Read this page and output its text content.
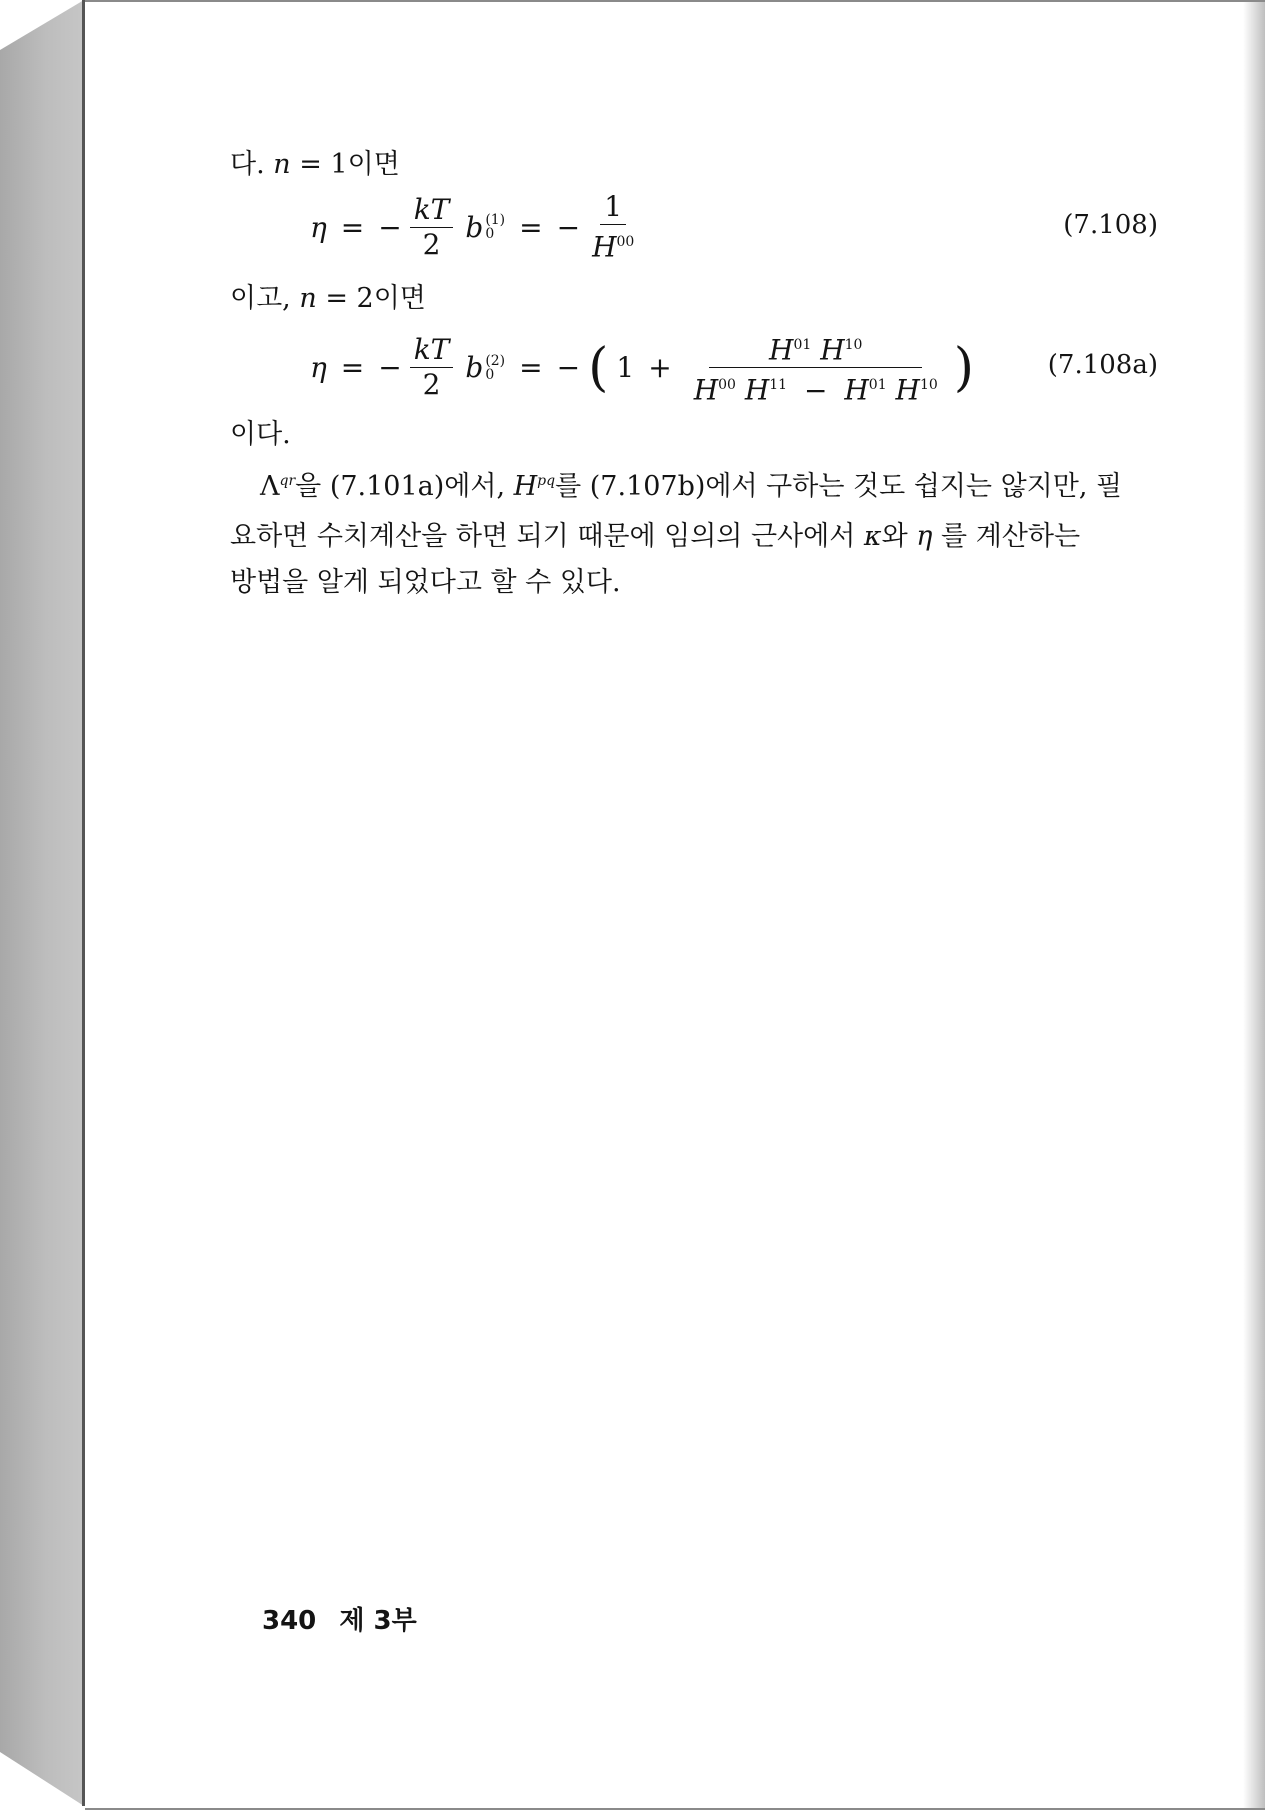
다. n = 1이면
η = − $\frac{kT}{2}$ b (1)
0 = − $\frac{1}{H^{00}}$	(7.108)
이고, n = 2이면
η = − $\frac{kT}{2}$ b (2)
0 = − ( $1 + \frac{H^{01} H^{10}}{H^{00} H^{11} - H^{01} H^{10}}$ )	(7.108a)
이다.
$\Lambda^{qr}$을 (7.101a)에서, $H^{pq}$를 (7.107b)에서 구하는 것도 쉽지는 않지만, 필
요하면 수치계산을 하면 되기 때문에 임의의 근사에서 κ와 η 를 계산하는
방법을 알게 되었다고 할 수 있다.
340 제 3부
